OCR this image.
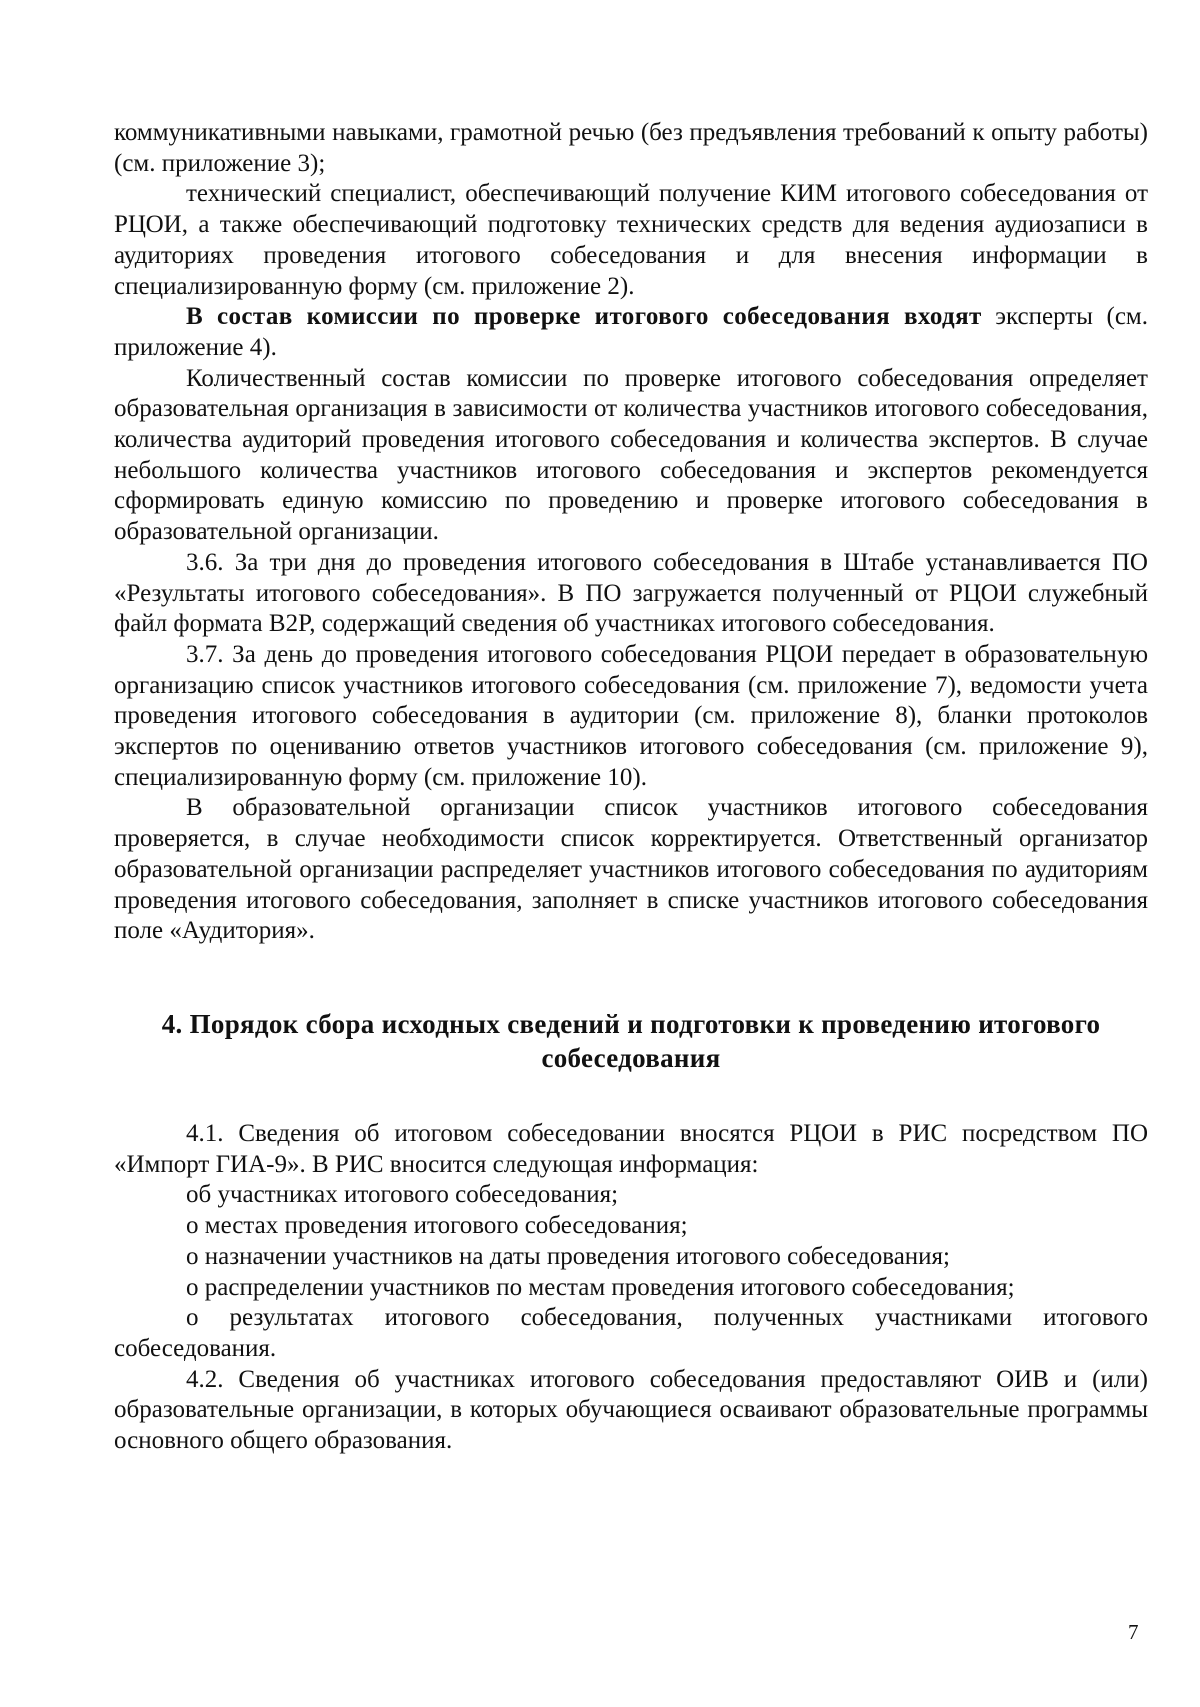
коммуникативными навыками, грамотной речью (без предъявления требований к опыту работы) (см. приложение 3);

технический специалист, обеспечивающий получение КИМ итогового собеседования от РЦОИ, а также обеспечивающий подготовку технических средств для ведения аудиозаписи в аудиториях проведения итогового собеседования и для внесения информации в специализированную форму (см. приложение 2).

В состав комиссии по проверке итогового собеседования входят эксперты (см. приложение 4).

Количественный состав комиссии по проверке итогового собеседования определяет образовательная организация в зависимости от количества участников итогового собеседования, количества аудиторий проведения итогового собеседования и количества экспертов. В случае небольшого количества участников итогового собеседования и экспертов рекомендуется сформировать единую комиссию по проведению и проверке итогового собеседования в образовательной организации.

3.6. За три дня до проведения итогового собеседования в Штабе устанавливается ПО «Результаты итогового собеседования». В ПО загружается полученный от РЦОИ служебный файл формата B2P, содержащий сведения об участниках итогового собеседования.

3.7. За день до проведения итогового собеседования РЦОИ передает в образовательную организацию список участников итогового собеседования (см. приложение 7), ведомости учета проведения итогового собеседования в аудитории (см. приложение 8), бланки протоколов экспертов по оцениванию ответов участников итогового собеседования (см. приложение 9), специализированную форму (см. приложение 10).

В образовательной организации список участников итогового собеседования проверяется, в случае необходимости список корректируется. Ответственный организатор образовательной организации распределяет участников итогового собеседования по аудиториям проведения итогового собеседования, заполняет в списке участников итогового собеседования поле «Аудитория».

4. Порядок сбора исходных сведений и подготовки к проведению итогового собеседования

4.1. Сведения об итоговом собеседовании вносятся РЦОИ в РИС посредством ПО «Импорт ГИА-9». В РИС вносится следующая информация:

об участниках итогового собеседования;

о местах проведения итогового собеседования;

о назначении участников на даты проведения итогового собеседования;

о распределении участников по местам проведения итогового собеседования;

о результатах итогового собеседования, полученных участниками итогового собеседования.

4.2. Сведения об участниках итогового собеседования предоставляют ОИВ и (или) образовательные организации, в которых обучающиеся осваивают образовательные программы основного общего образования.

7
